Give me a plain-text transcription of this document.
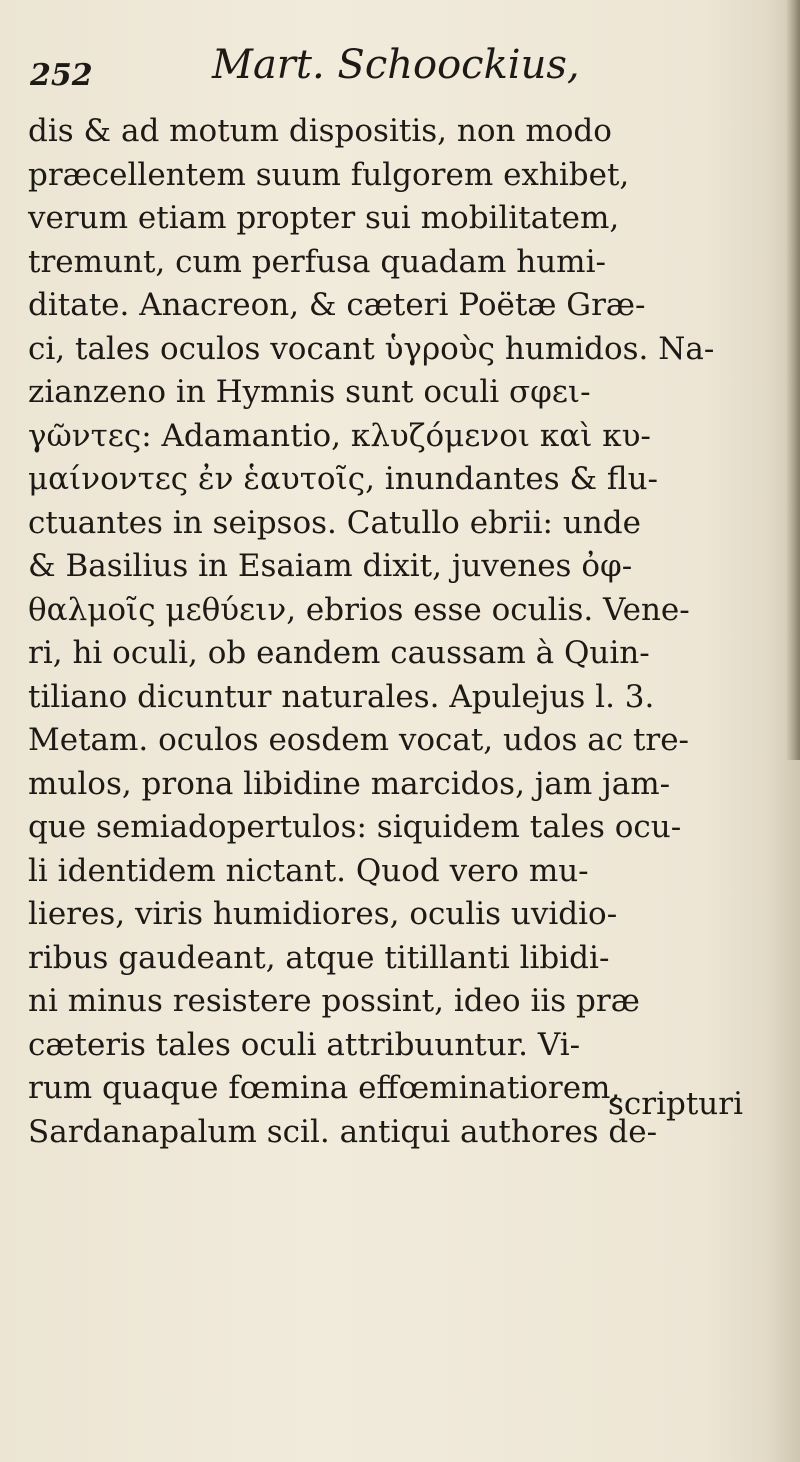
252	Mart. Schoockius,
dis & ad motum dispositis, non modo
præcellentem suum fulgorem exhibet,
verum etiam propter sui mobilitatem,
tremunt, cum perfusa quadam humi-
ditate. Anacreon, & cæteri Poëtæ Græ-
ci, tales oculos vocant ὑγροὺς humidos. Na-
zianzeno in Hymnis sunt oculi σφει-
γῶντες: Adamantio, κλυζόμενοι καὶ κυ-
μαίνοντες ἐν ἑαυτοῖς, inundantes & flu-
ctuantes in seipsos. Catullo ebrii: unde
& Basilius in Esaiam dixit, juvenes ὀφ-
θαλμοῖς μεθύειν, ebrios esse oculis. Vene-
ri, hi oculi, ob eandem caussam à Quin-
tiliano dicuntur naturales. Apulejus l. 3.
Metam. oculos eosdem vocat, udos ac tre-
mulos, prona libidine marcidos, jam jam-
que semiadopertulos: siquidem tales ocu-
li identidem nictant. Quod vero mu-
lieres, viris humidiores, oculis uvidio-
ribus gaudeant, atque titillanti libidi-
ni minus resistere possint, ideo iis præ
cæteris tales oculi attribuuntur. Vi-
rum quaque fœmina effœminatiorem,
Sardanapalum scil. antiqui authores de-
scripturi
